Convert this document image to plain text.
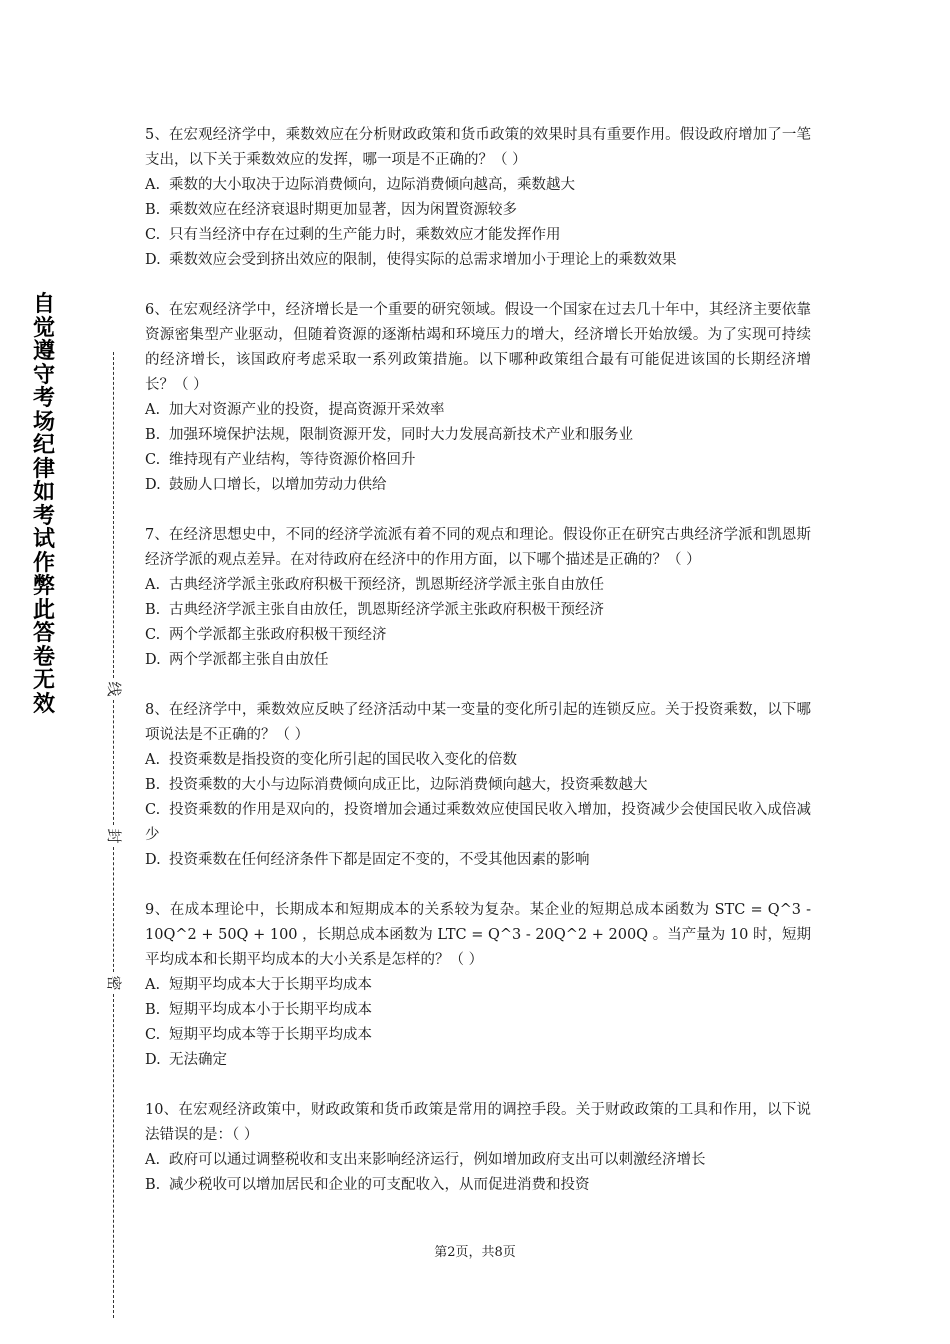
自觉遵守考场纪律如考试作弊此答卷无效
线
封
密

5、在宏观经济学中，乘数效应在分析财政政策和货币政策的效果时具有重要作用。假设政府增加了一笔支出，以下关于乘数效应的发挥，哪一项是不正确的？（ ）

A. 乘数的大小取决于边际消费倾向，边际消费倾向越高，乘数越大

B. 乘数效应在经济衰退时期更加显著，因为闲置资源较多

C. 只有当经济中存在过剩的生产能力时，乘数效应才能发挥作用

D. 乘数效应会受到挤出效应的限制，使得实际的总需求增加小于理论上的乘数效果

6、在宏观经济学中，经济增长是一个重要的研究领域。假设一个国家在过去几十年中，其经济主要依靠资源密集型产业驱动，但随着资源的逐渐枯竭和环境压力的增大，经济增长开始放缓。为了实现可持续的经济增长，该国政府考虑采取一系列政策措施。以下哪种政策组合最有可能促进该国的长期经济增长？（ ）

A. 加大对资源产业的投资，提高资源开采效率

B. 加强环境保护法规，限制资源开发，同时大力发展高新技术产业和服务业

C. 维持现有产业结构，等待资源价格回升

D. 鼓励人口增长，以增加劳动力供给

7、在经济思想史中，不同的经济学流派有着不同的观点和理论。假设你正在研究古典经济学派和凯恩斯经济学派的观点差异。在对待政府在经济中的作用方面，以下哪个描述是正确的？（ ）

A. 古典经济学派主张政府积极干预经济，凯恩斯经济学派主张自由放任

B. 古典经济学派主张自由放任，凯恩斯经济学派主张政府积极干预经济

C. 两个学派都主张政府积极干预经济

D. 两个学派都主张自由放任

8、在经济学中，乘数效应反映了经济活动中某一变量的变化所引起的连锁反应。关于投资乘数，以下哪项说法是不正确的？（ ）

A. 投资乘数是指投资的变化所引起的国民收入变化的倍数

B. 投资乘数的大小与边际消费倾向成正比，边际消费倾向越大，投资乘数越大

C. 投资乘数的作用是双向的，投资增加会通过乘数效应使国民收入增加，投资减少会使国民收入成倍减少

D. 投资乘数在任何经济条件下都是固定不变的，不受其他因素的影响

9、在成本理论中，长期成本和短期成本的关系较为复杂。某企业的短期总成本函数为 STC = Q^3 - 10Q^2 + 50Q + 100 ，长期总成本函数为 LTC = Q^3 - 20Q^2 + 200Q 。当产量为 10 时，短期平均成本和长期平均成本的大小关系是怎样的？（ ）

A. 短期平均成本大于长期平均成本

B. 短期平均成本小于长期平均成本

C. 短期平均成本等于长期平均成本

D. 无法确定

10、在宏观经济政策中，财政政策和货币政策是常用的调控手段。关于财政政策的工具和作用，以下说法错误的是：（ ）

A. 政府可以通过调整税收和支出来影响经济运行，例如增加政府支出可以刺激经济增长

B. 减少税收可以增加居民和企业的可支配收入，从而促进消费和投资

第2页，共8页
